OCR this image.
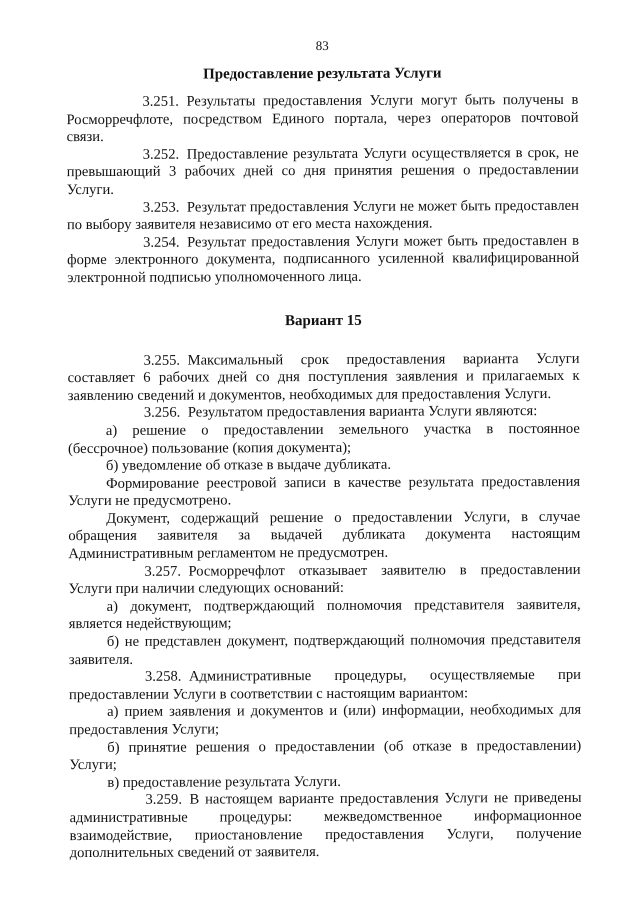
83
Предоставление результата Услуги

3.251. Результаты предоставления Услуги могут быть получены в Росморречфлоте, посредством Единого портала, через операторов почтовой связи.

3.252. Предоставление результата Услуги осуществляется в срок, не превышающий 3 рабочих дней со дня принятия решения о предоставлении Услуги.

3.253. Результат предоставления Услуги не может быть предоставлен по выбору заявителя независимо от его места нахождения.

3.254. Результат предоставления Услуги может быть предоставлен в форме электронного документа, подписанного усиленной квалифицированной электронной подписью уполномоченного лица.

Вариант 15

3.255. Максимальный срок предоставления варианта Услуги составляет 6 рабочих дней со дня поступления заявления и прилагаемых к заявлению сведений и документов, необходимых для предоставления Услуги.

3.256. Результатом предоставления варианта Услуги являются:

а) решение о предоставлении земельного участка в постоянное (бессрочное) пользование (копия документа);

б) уведомление об отказе в выдаче дубликата.

Формирование реестровой записи в качестве результата предоставления Услуги не предусмотрено.

Документ, содержащий решение о предоставлении Услуги, в случае обращения заявителя за выдачей дубликата документа настоящим Административным регламентом не предусмотрен.

3.257. Росморречфлот отказывает заявителю в предоставлении Услуги при наличии следующих оснований:

а) документ, подтверждающий полномочия представителя заявителя, является недействующим;

б) не представлен документ, подтверждающий полномочия представителя заявителя.

3.258. Административные процедуры, осуществляемые при предоставлении Услуги в соответствии с настоящим вариантом:

а) прием заявления и документов и (или) информации, необходимых для предоставления Услуги;

б) принятие решения о предоставлении (об отказе в предоставлении) Услуги;

в) предоставление результата Услуги.

3.259. В настоящем варианте предоставления Услуги не приведены административные процедуры: межведомственное информационное взаимодействие, приостановление предоставления Услуги, получение дополнительных сведений от заявителя.
